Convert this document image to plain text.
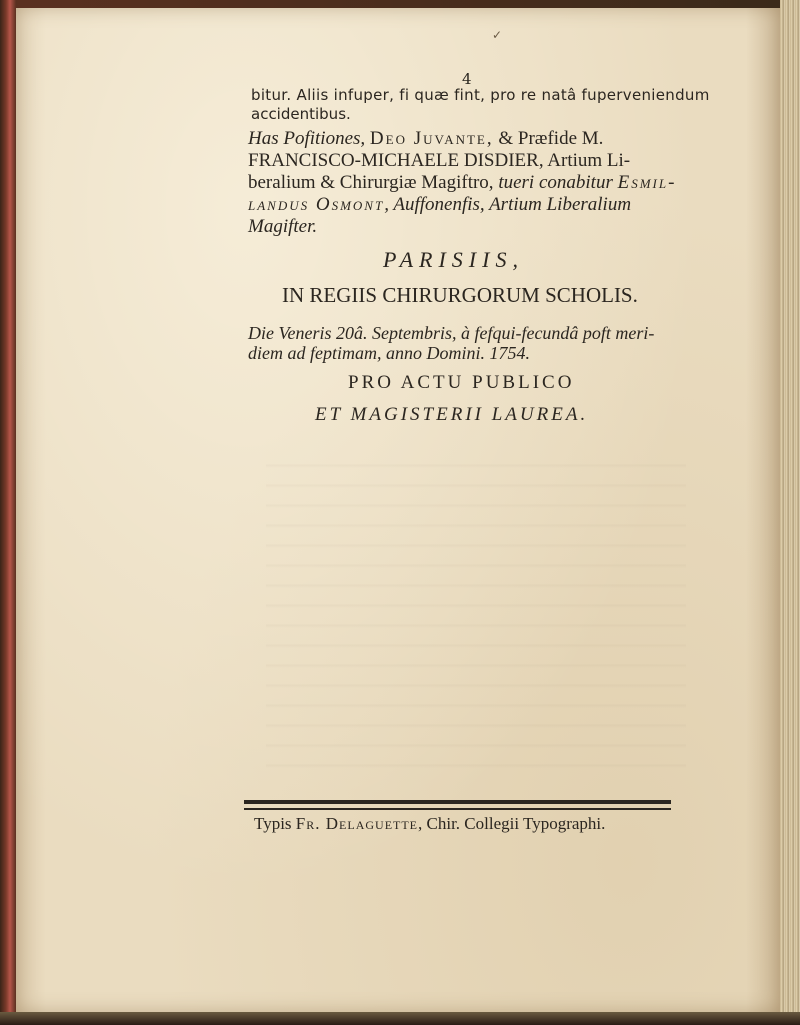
✓
4
bitur. Aliis infuper, fi quæ fint, pro re natâ fuperveniendum
accidentibus.
Has Pofitiones, Deo Juvante, & Præfide M.
FRANCISCO-MICHAELE DISDIER, Artium Li-
beralium & Chirurgiæ Magiftro, tueri conabitur Esmil-
landus Osmont, Auffonenfis, Artium Liberalium
Magifter.
PARISIIS,
IN REGIIS CHIRURGORUM SCHOLIS.
Die Veneris 20â. Septembris, à fefqui-fecundâ poft meri-
diem ad feptimam, anno Domini. 1754.
PRO ACTU PUBLICO
ET MAGISTERII LAUREA.
Typis Fr. Delaguette, Chir. Collegii Typographi.
